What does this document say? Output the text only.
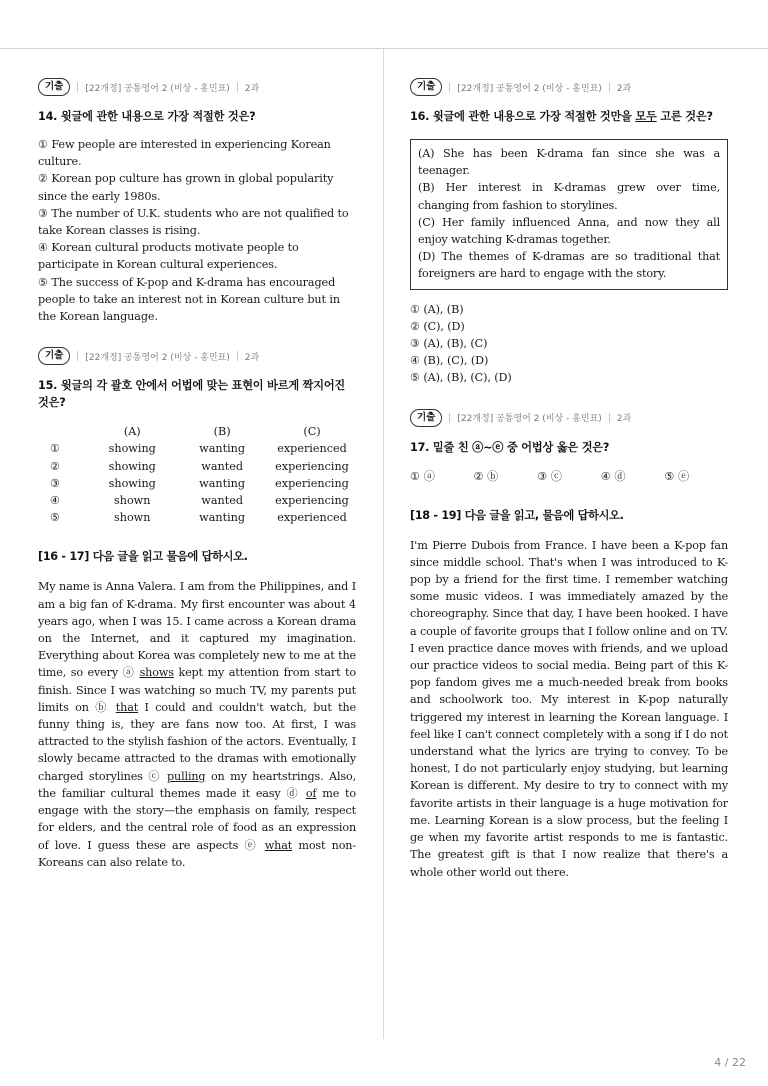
기출	[22개정] 공통영어 2 (비상 - 홍민표) 2과
14. 윗글에 관한 내용으로 가장 적절한 것은?

① Few people are interested in experiencing Korean culture.

② Korean pop culture has grown in global popularity since the early 1980s.

③ The number of U.K. students who are not qualified to take Korean classes is rising.

④ Korean cultural products motivate people to participate in Korean cultural experiences.

⑤ The success of K-pop and K-drama has encouraged people to take an interest not in Korean culture but in the Korean language.

기출	[22개정] 공통영어 2 (비상 - 홍민표) 2과
15. 윗글의 각 괄호 안에서 어법에 맞는 표현이 바르게 짝지어진 것은?
(A)	(B)	(C)
①	showing	wanting	experienced
②	showing	wanted	experiencing
③	showing	wanting	experiencing
④	shown	wanted	experiencing
⑤	shown	wanting	experienced
[16 - 17] 다음 글을 읽고 물음에 답하시오.
My name is Anna Valera. I am from the Philippines, and I am a big fan of K-drama. My first encounter was about 4 years ago, when I was 15. I came across a Korean drama on the Internet, and it captured my imagination. Everything about Korea was completely new to me at the time, so every ⓐ shows kept my attention from start to finish. Since I was watching so much TV, my parents put limits on ⓑ that I could and couldn't watch, but the funny thing is, they are fans now too. At first, I was attracted to the stylish fashion of the actors. Eventually, I slowly became attracted to the dramas with emotionally charged storylines ⓒ pulling on my heartstrings. Also, the familiar cultural themes made it easy ⓓ of me to engage with the story—the emphasis on family, respect for elders, and the central role of food as an expression of love. I guess these are aspects ⓔ what most non-Koreans can also relate to.
기출	[22개정] 공통영어 2 (비상 - 홍민표) 2과
16. 윗글에 관한 내용으로 가장 적절한 것만을 모두 고른 것은?
(A) She has been K-drama fan since she was a teenager.
(B) Her interest in K-dramas grew over time, changing from fashion to storylines.
(C) Her family influenced Anna, and now they all enjoy watching K-dramas together.
(D) The themes of K-dramas are so traditional that foreigners are hard to engage with the story.

① (A), (B)

② (C), (D)

③ (A), (B), (C)

④ (B), (C), (D)

⑤ (A), (B), (C), (D)

기출	[22개정] 공통영어 2 (비상 - 홍민표) 2과
17. 밑줄 친 ⓐ~ⓔ 중 어법상 옳은 것은?
① ⓐ	② ⓑ	③ ⓒ	④ ⓓ	⑤ ⓔ
[18 - 19] 다음 글을 읽고, 물음에 답하시오.
I'm Pierre Dubois from France. I have been a K-pop fan since middle school. That's when I was introduced to K-pop by a friend for the first time. I remember watching some music videos. I was immediately amazed by the choreography. Since that day, I have been hooked. I have a couple of favorite groups that I follow online and on TV. I even practice dance moves with friends, and we upload our practice videos to social media. Being part of this K-pop fandom gives me a much-needed break from books and schoolwork too. My interest in K-pop naturally triggered my interest in learning the Korean language. I feel like I can't connect completely with a song if I do not understand what the lyrics are trying to convey. To be honest, I do not particularly enjoy studying, but learning Korean is different. My desire to try to connect with my favorite artists in their language is a huge motivation for me. Learning Korean is a slow process, but the feeling I ge when my favorite artist responds to me is fantastic. The greatest gift is that I now realize that there's a whole other world out there.
4 / 22
